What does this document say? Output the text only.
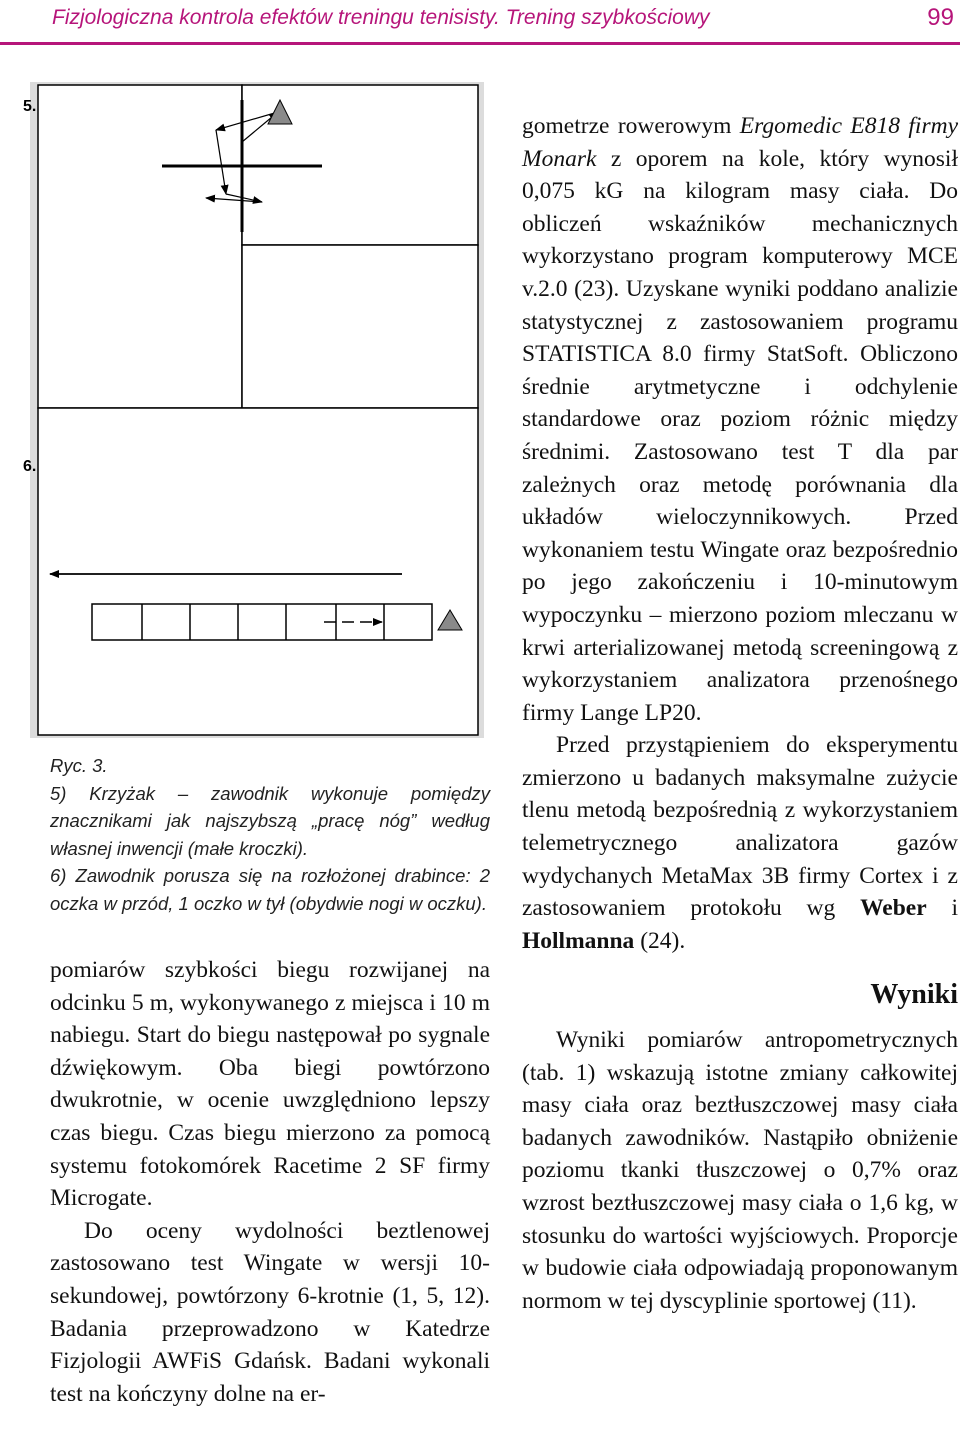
Fizjologiczna kontrola efektów treningu tenisisty. Trening szybkościowy	99
5.
6.

Ryc. 3.

5) Krzyżak – zawodnik wykonuje pomiędzy znacznikami jak najszybszą „pracę nóg” według własnej inwencji (małe kroczki).

6) Zawodnik porusza się na rozłożonej drabince: 2 oczka w przód, 1 oczko w tył (obydwie nogi w oczku).

pomiarów szybkości biegu rozwijanej na odcinku 5 m, wykonywanego z miejsca i 10 m nabiegu. Start do biegu następował po sygnale dźwiękowym. Oba biegi powtórzono dwukrotnie, w ocenie uwzględniono lepszy czas biegu. Czas biegu mierzono za pomocą systemu fotokomórek Racetime 2 SF firmy Microgate.

Do oceny wydolności beztlenowej zastosowano test Wingate w wersji 10-sekundowej, powtórzony 6-krotnie (1, 5, 12). Badania przeprowadzono w Katedrze Fizjologii AWFiS Gdańsk. Badani wykonali test na kończyny dolne na er-

gometrze rowerowym Ergomedic E818 firmy Monark z oporem na kole, który wynosił 0,075 kG na kilogram masy ciała. Do obliczeń wskaźników mechanicznych wykorzystano program komputerowy MCE v.2.0 (23). Uzyskane wyniki poddano analizie statystycznej z zastosowaniem programu STATISTICA 8.0 firmy StatSoft. Obliczono średnie arytmetyczne i odchylenie standardowe oraz poziom różnic między średnimi. Zastosowano test T dla par zależnych oraz metodę porównania dla układów wieloczynnikowych. Przed wykonaniem testu Wingate oraz bezpośrednio po jego zakończeniu i 10-minutowym wypoczynku – mierzono poziom mleczanu w krwi arterializowanej metodą screeningową z wykorzystaniem analizatora przenośnego firmy Lange LP20.

Przed przystąpieniem do eksperymentu zmierzono u badanych maksymalne zużycie tlenu metodą bezpośrednią z wykorzystaniem telemetrycznego analizatora gazów wydychanych MetaMax 3B firmy Cortex i z zastosowaniem protokołu wg Weber i Hollmanna (24).

Wyniki

Wyniki pomiarów antropometrycznych (tab. 1) wskazują istotne zmiany całkowitej masy ciała oraz beztłuszczowej masy ciała badanych zawodników. Nastąpiło obniżenie poziomu tkanki tłuszczowej o 0,7% oraz wzrost beztłuszczowej masy ciała o 1,6 kg, w stosunku do wartości wyjściowych. Proporcje w budowie ciała odpowiadają proponowanym normom w tej dyscyplinie sportowej (11).
